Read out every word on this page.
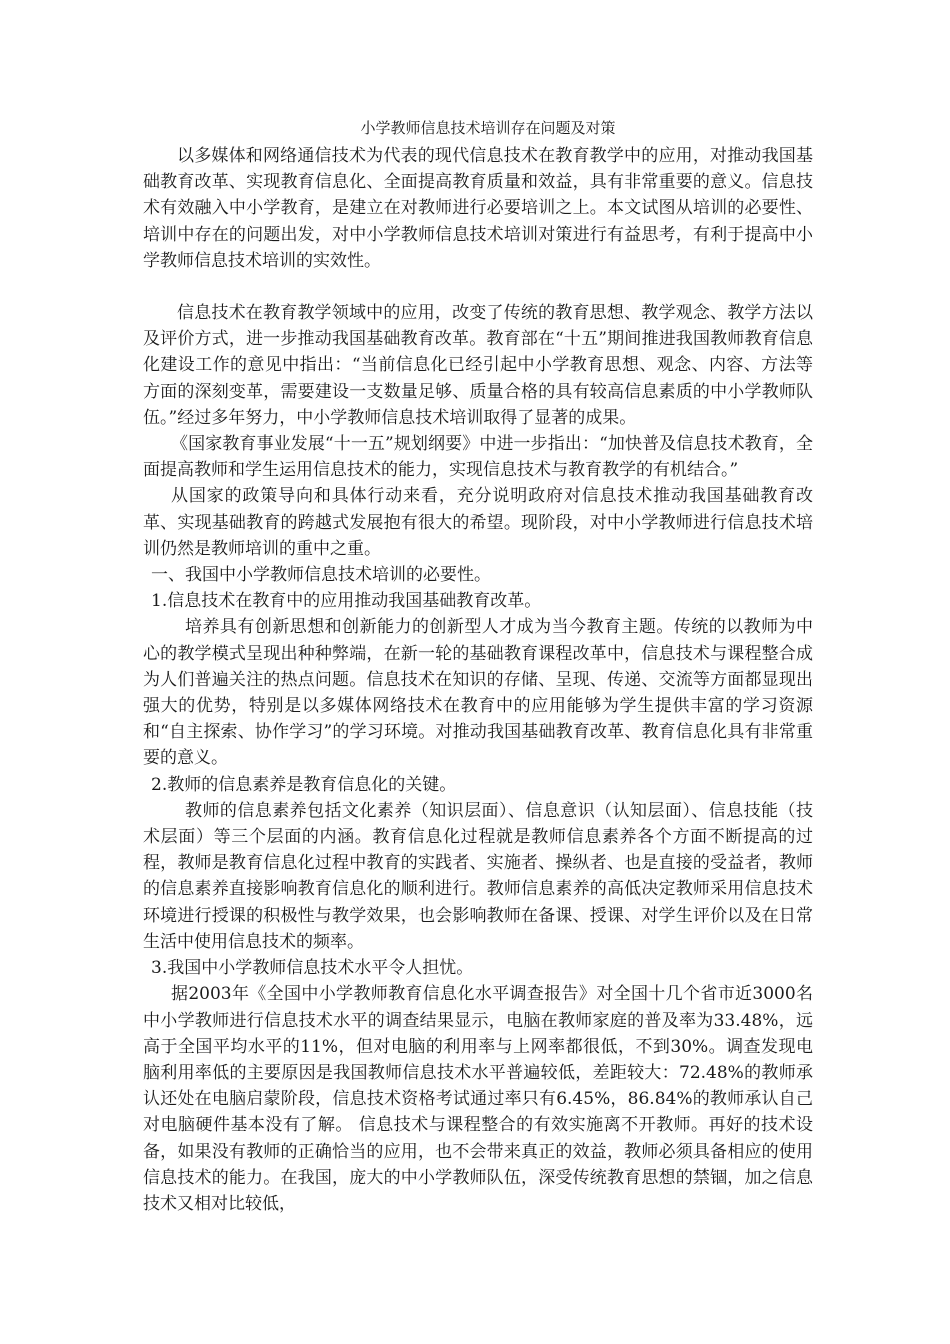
小学教师信息技术培训存在问题及对策

以多媒体和网络通信技术为代表的现代信息技术在教育教学中的应用，对推动我国基础教育改革、实现教育信息化、全面提高教育质量和效益，具有非常重要的意义。信息技术有效融入中小学教育，是建立在对教师进行必要培训之上。本文试图从培训的必要性、培训中存在的问题出发，对中小学教师信息技术培训对策进行有益思考，有利于提高中小学教师信息技术培训的实效性。

信息技术在教育教学领域中的应用，改变了传统的教育思想、教学观念、教学方法以及评价方式，进一步推动我国基础教育改革。教育部在“十五”期间推进我国教师教育信息化建设工作的意见中指出：“当前信息化已经引起中小学教育思想、观念、内容、方法等方面的深刻变革，需要建设一支数量足够、质量合格的具有较高信息素质的中小学教师队伍。”经过多年努力，中小学教师信息技术培训取得了显著的成果。

《国家教育事业发展“十一五”规划纲要》中进一步指出：“加快普及信息技术教育，全面提高教师和学生运用信息技术的能力，实现信息技术与教育教学的有机结合。”

从国家的政策导向和具体行动来看，充分说明政府对信息技术推动我国基础教育改革、实现基础教育的跨越式发展抱有很大的希望。现阶段，对中小学教师进行信息技术培训仍然是教师培训的重中之重。

一、我国中小学教师信息技术培训的必要性。

1.信息技术在教育中的应用推动我国基础教育改革。

培养具有创新思想和创新能力的创新型人才成为当今教育主题。传统的以教师为中心的教学模式呈现出种种弊端，在新一轮的基础教育课程改革中，信息技术与课程整合成为人们普遍关注的热点问题。信息技术在知识的存储、呈现、传递、交流等方面都显现出强大的优势，特别是以多媒体网络技术在教育中的应用能够为学生提供丰富的学习资源和“自主探索、协作学习”的学习环境。对推动我国基础教育改革、教育信息化具有非常重要的意义。

2.教师的信息素养是教育信息化的关键。

教师的信息素养包括文化素养（知识层面）、信息意识（认知层面）、信息技能（技术层面）等三个层面的内涵。教育信息化过程就是教师信息素养各个方面不断提高的过程，教师是教育信息化过程中教育的实践者、实施者、操纵者、也是直接的受益者，教师的信息素养直接影响教育信息化的顺利进行。教师信息素养的高低决定教师采用信息技术环境进行授课的积极性与教学效果，也会影响教师在备课、授课、对学生评价以及在日常生活中使用信息技术的频率。

3.我国中小学教师信息技术水平令人担忧。

据2003年《全国中小学教师教育信息化水平调查报告》对全国十几个省市近3000名中小学教师进行信息技术水平的调查结果显示，电脑在教师家庭的普及率为33.48%，远高于全国平均水平的11%，但对电脑的利用率与上网率都很低，不到30%。调查发现电脑利用率低的主要原因是我国教师信息技术水平普遍较低，差距较大：72.48%的教师承认还处在电脑启蒙阶段，信息技术资格考试通过率只有6.45%，86.84%的教师承认自己对电脑硬件基本没有了解。 信息技术与课程整合的有效实施离不开教师。再好的技术设备，如果没有教师的正确恰当的应用，也不会带来真正的效益，教师必须具备相应的使用信息技术的能力。在我国，庞大的中小学教师队伍，深受传统教育思想的禁锢，加之信息技术又相对比较低，
